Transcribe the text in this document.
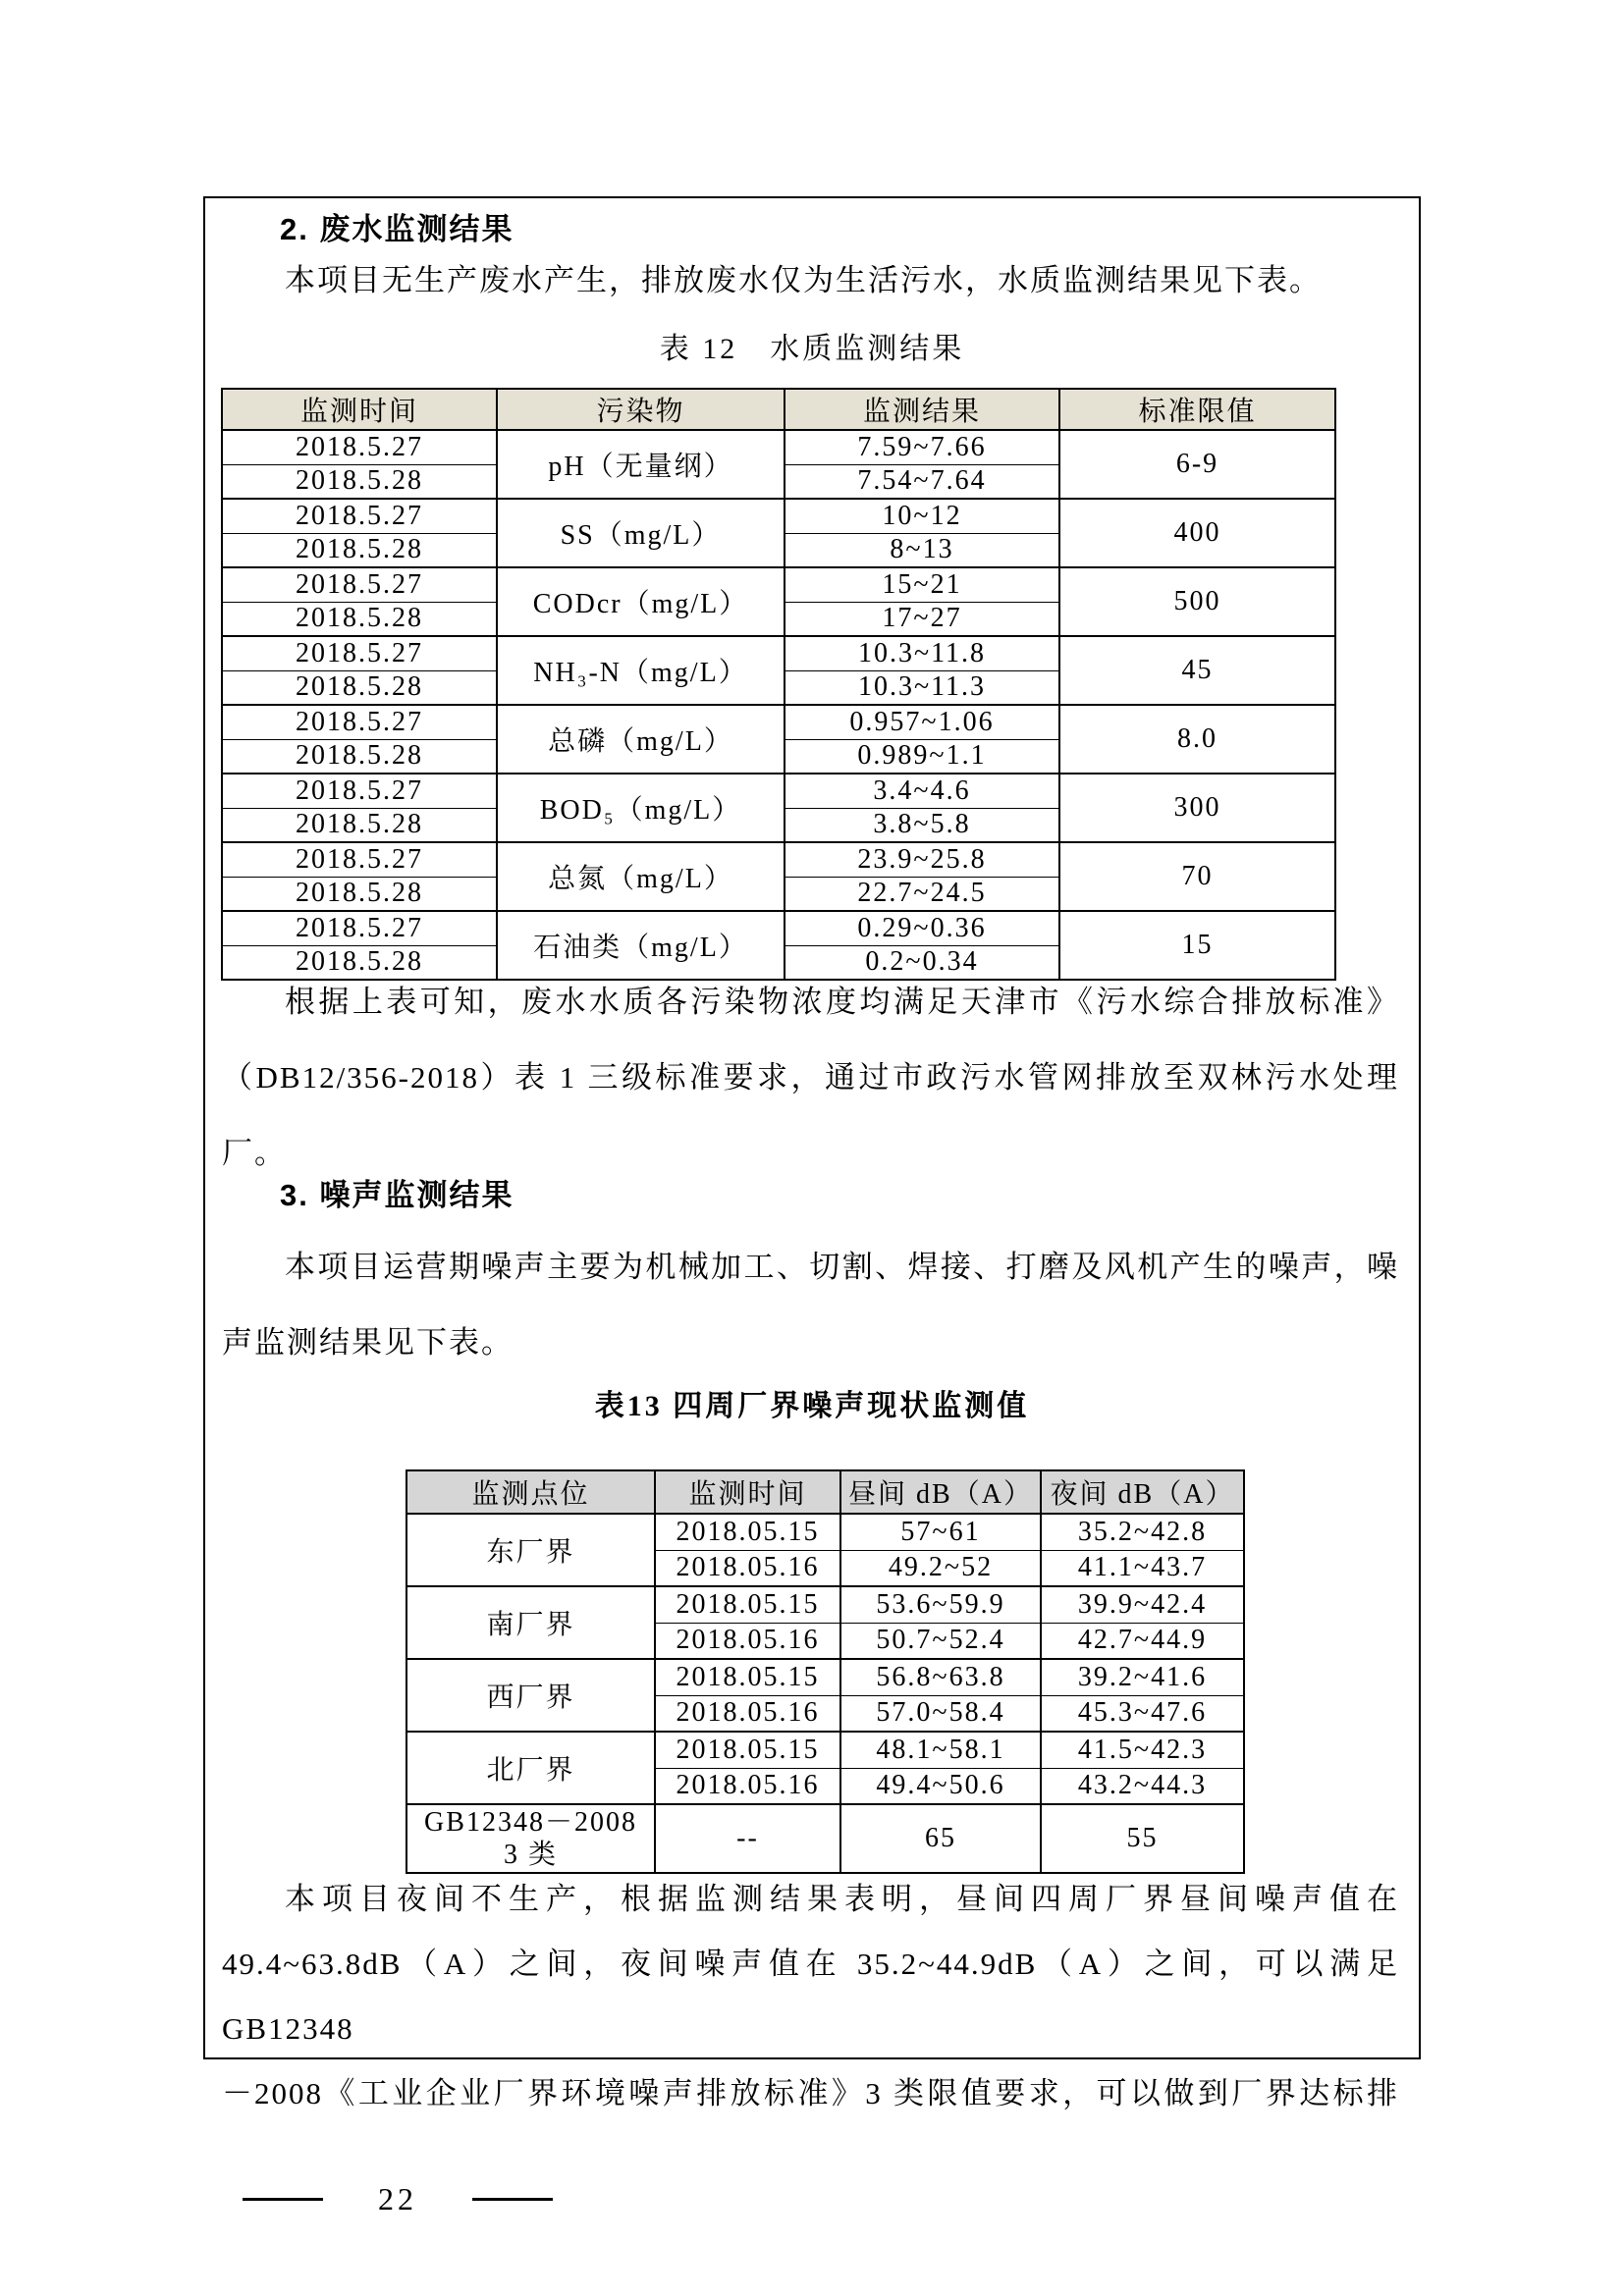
2. 废水监测结果
本项目无生产废水产生，排放废水仅为生活污水，水质监测结果见下表。
表 12　水质监测结果
监测时间	污染物	监测结果	标准限值
2018.5.27	pH（无量纲）	7.59~7.66	6-9
2018.5.28		7.54~7.64	
2018.5.27	SS（mg/L）	10~12	400
2018.5.28		8~13	
2018.5.27	CODcr（mg/L）	15~21	500
2018.5.28		17~27	
2018.5.27	NH₃-N（mg/L）	10.3~11.8	45
2018.5.28		10.3~11.3	
2018.5.27	总磷（mg/L）	0.957~1.06	8.0
2018.5.28		0.989~1.1	
2018.5.27	BOD₅（mg/L）	3.4~4.6	300
2018.5.28		3.8~5.8	
2018.5.27	总氮（mg/L）	23.9~25.8	70
2018.5.28		22.7~24.5	
2018.5.27	石油类（mg/L）	0.29~0.36	15
2018.5.28		0.2~0.34	
根据上表可知，废水水质各污染物浓度均满足天津市《污水综合排放标准》
（DB12/356-2018）表 1 三级标准要求，通过市政污水管网排放至双林污水处理
厂。
3. 噪声监测结果
本项目运营期噪声主要为机械加工、切割、焊接、打磨及风机产生的噪声，噪
声监测结果见下表。
表13 四周厂界噪声现状监测值
监测点位	监测时间	昼间 dB（A）	夜间 dB（A）
东厂界	2018.05.15	57~61	35.2~42.8
	2018.05.16	49.2~52	41.1~43.7
南厂界	2018.05.15	53.6~59.9	39.9~42.4
	2018.05.16	50.7~52.4	42.7~44.9
西厂界	2018.05.15	56.8~63.8	39.2~41.6
	2018.05.16	57.0~58.4	45.3~47.6
北厂界	2018.05.15	48.1~58.1	41.5~42.3
	2018.05.16	49.4~50.6	43.2~44.3

GB12348－2008
3 类	--	65	55
本项目夜间不生产，根据监测结果表明，昼间四周厂界昼间噪声值在
49.4~63.8dB（A）之间，夜间噪声值在 35.2~44.9dB（A）之间，可以满足 GB12348
－2008《工业企业厂界环境噪声排放标准》3 类限值要求，可以做到厂界达标排
22
